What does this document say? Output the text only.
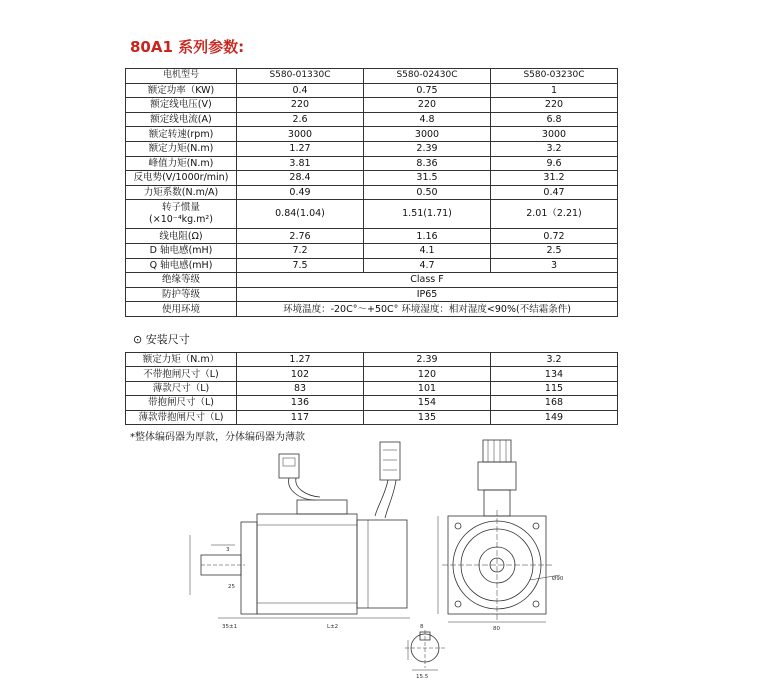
80A1 系列参数:
电机型号	S580-01330C	S580-02430C	S580-03230C
额定功率（KW)	0.4	0.75	1
额定线电压(V)	220	220	220
额定线电流(A)	2.6	4.8	6.8
额定转速(rpm)	3000	3000	3000
额定力矩(N.m)	1.27	2.39	3.2
峰值力矩(N.m)	3.81	8.36	9.6
反电势(V/1000r/min)	28.4	31.5	31.2
力矩系数(N.m/A)	0.49	0.50	0.47
转子惯量
(×10⁻⁴kg.m²)	0.84(1.04)	1.51(1.71)	2.01（2.21)
线电阻(Ω)	2.76	1.16	0.72
D 轴电感(mH)	7.2	4.1	2.5
Q 轴电感(mH)	7.5	4.7	3
绝缘等级	Class F		
防护等级	IP65		
使用环境	环境温度：-20C°～+50C° 环境湿度：相对湿度<90%(不结霜条件)		
⊙ 安装尺寸
额定力矩（N.m）	1.27	2.39	3.2
不带抱闸尺寸（L)	102	120	134
薄款尺寸（L)	83	101	115
带抱闸尺寸（L)	136	154	168
薄款带抱闸尺寸（L)	117	135	149
*整体编码器为厚款，分体编码器为薄款
35±1	L±2
3
25
8	80
Ø90
15.5
